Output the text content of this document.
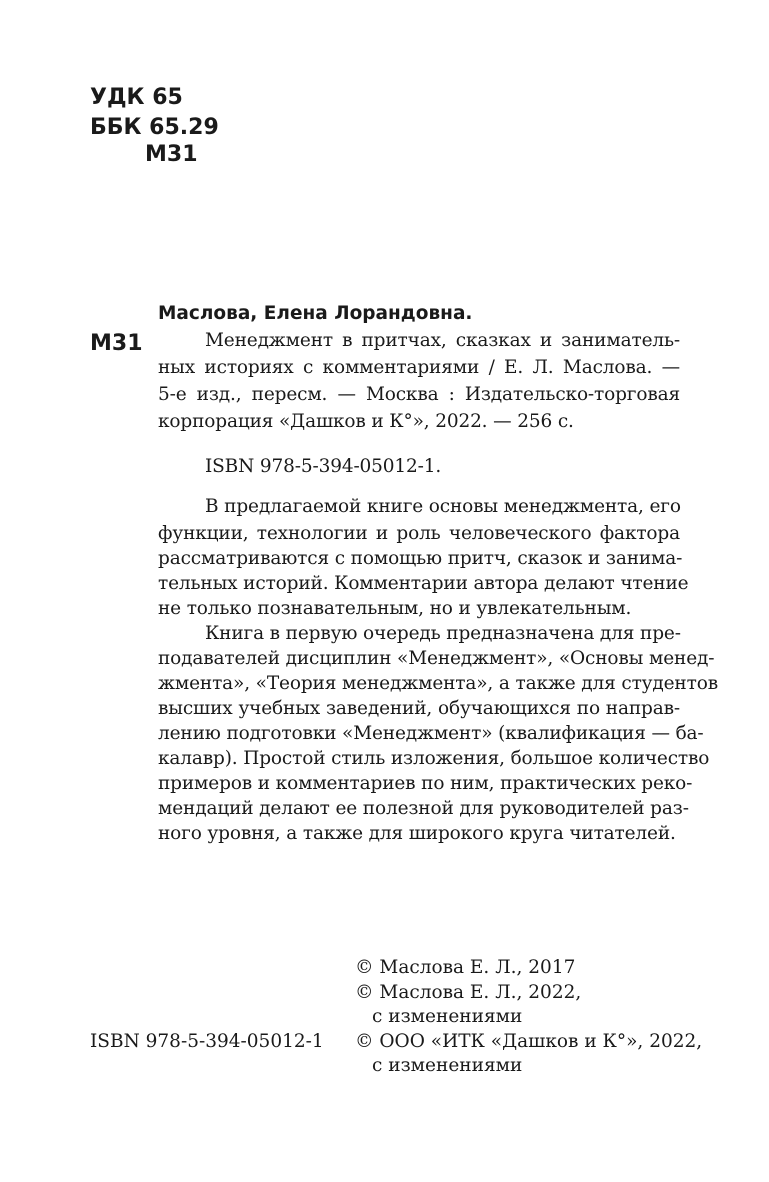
УДК 65
ББК 65.29
М31
Маслова, Елена Лорандовна.
М31	Менеджмент в притчах, сказках и заниматель-
ных историях с комментариями / Е. Л. Маслова. —
5-е изд., пересм. — Москва : Издательско-торговая
корпорация «Дашков и К°», 2022. — 256 с.
ISBN 978-5-394-05012-1.
В предлагаемой книге основы менеджмента, его
функции, технологии и роль человеческого фактора
рассматриваются с помощью притч, сказок и занима-
тельных историй. Комментарии автора делают чтение
не только познавательным, но и увлекательным.
Книга в первую очередь предназначена для пре-
подавателей дисциплин «Менеджмент», «Основы менед-
жмента», «Теория менеджмента», а также для студентов
высших учебных заведений, обучающихся по направ-
лению подготовки «Менеджмент» (квалификация — ба-
калавр). Простой стиль изложения, большое количество
примеров и комментариев по ним, практических реко-
мендаций делают ее полезной для руководителей раз-
ного уровня, а также для широкого круга читателей.
ISBN 978-5-394-05012-1
© Маслова Е. Л., 2017
© Маслова Е. Л., 2022,
с изменениями
© ООО «ИТК «Дашков и К°», 2022,
с изменениями
